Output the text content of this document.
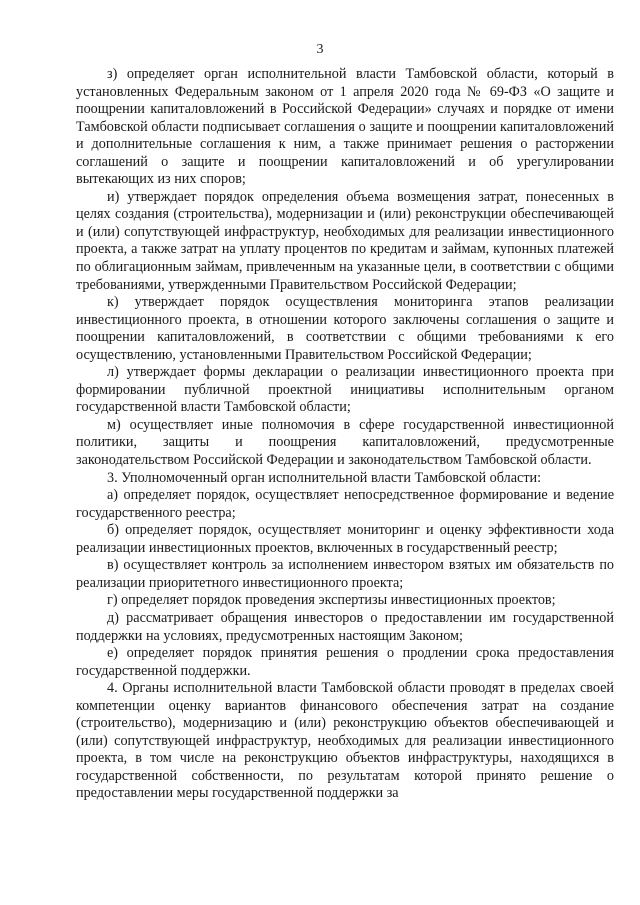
3

з) определяет орган исполнительной власти Тамбовской области, который в установленных Федеральным законом от 1 апреля 2020 года № 69-ФЗ «О защите и поощрении капиталовложений в Российской Федерации» случаях и порядке от имени Тамбовской области подписывает соглашения о защите и поощрении капиталовложений и дополнительные соглашения к ним, а также принимает решения о расторжении соглашений о защите и поощрении капиталовложений и об урегулировании вытекающих из них споров;

и) утверждает порядок определения объема возмещения затрат, понесенных в целях создания (строительства), модернизации и (или) реконструкции обеспечивающей и (или) сопутствующей инфраструктур, необходимых для реализации инвестиционного проекта, а также затрат на уплату процентов по кредитам и займам, купонных платежей по облигационным займам, привлеченным на указанные цели, в соответствии с общими требованиями, утвержденными Правительством Российской Федерации;

к) утверждает порядок осуществления мониторинга этапов реализации инвестиционного проекта, в отношении которого заключены соглашения о защите и поощрении капиталовложений, в соответствии с общими требованиями к его осуществлению, установленными Правительством Российской Федерации;

л) утверждает формы декларации о реализации инвестиционного проекта при формировании публичной проектной инициативы исполнительным органом государственной власти Тамбовской области;

м) осуществляет иные полномочия в сфере государственной инвестиционной политики, защиты и поощрения капиталовложений, предусмотренные законодательством Российской Федерации и законодательством Тамбовской области.

3. Уполномоченный орган исполнительной власти Тамбовской области:

а) определяет порядок, осуществляет непосредственное формирование и ведение государственного реестра;

б) определяет порядок, осуществляет мониторинг и оценку эффективности хода реализации инвестиционных проектов, включенных в государственный реестр;

в) осуществляет контроль за исполнением инвестором взятых им обязательств по реализации приоритетного инвестиционного проекта;

г) определяет порядок проведения экспертизы инвестиционных проектов;

д) рассматривает обращения инвесторов о предоставлении им государственной поддержки на условиях, предусмотренных настоящим Законом;

е) определяет порядок принятия решения о продлении срока предоставления государственной поддержки.

4. Органы исполнительной власти Тамбовской области проводят в пределах своей компетенции оценку вариантов финансового обеспечения затрат на создание (строительство), модернизацию и (или) реконструкцию объектов обеспечивающей и (или) сопутствующей инфраструктур, необходимых для реализации инвестиционного проекта, в том числе на реконструкцию объектов инфраструктуры, находящихся в государственной собственности, по результатам которой принято решение о предоставлении меры государственной поддержки за
